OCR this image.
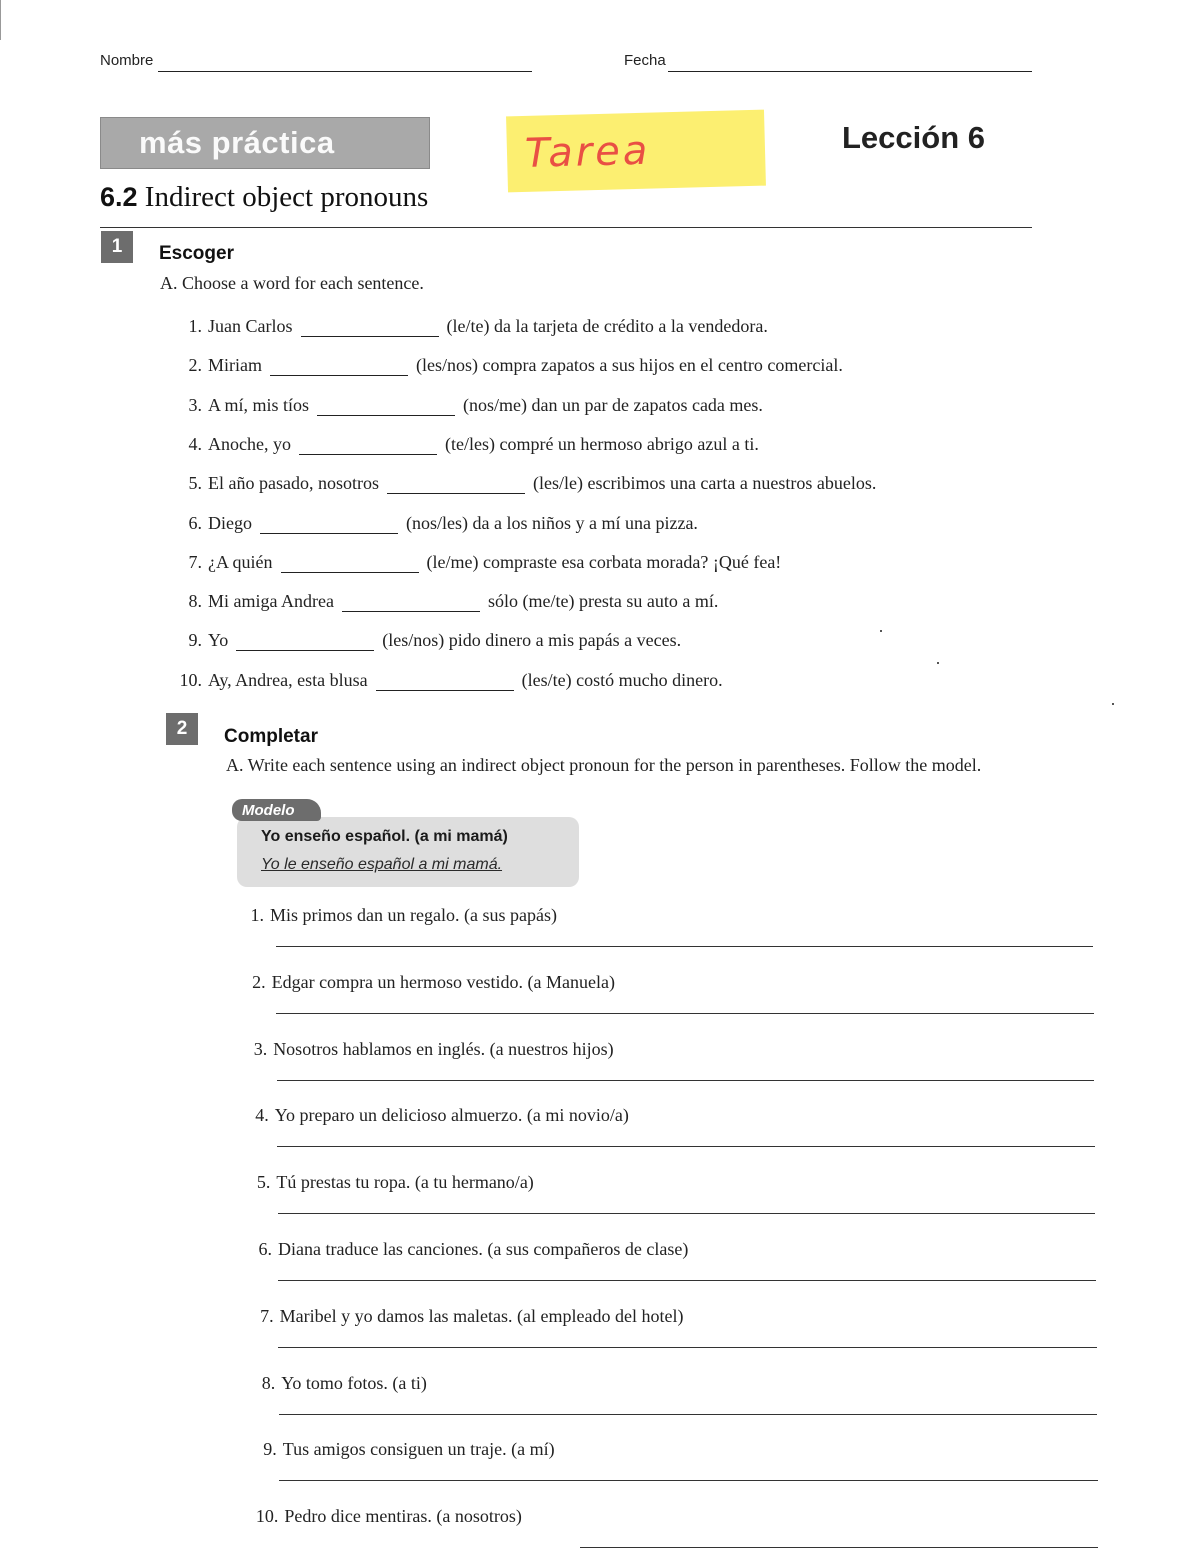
Nombre	Fecha
más práctica	Tarea	Lección 6
6.2 Indirect object pronouns
1	Escoger
A. Choose a word for each sentence.
1. Juan Carlos	(le/te) da la tarjeta de crédito a la vendedora.
2. Miriam	(les/nos) compra zapatos a sus hijos en el centro comercial.
3. A mí, mis tíos	(nos/me) dan un par de zapatos cada mes.
4. Anoche, yo	(te/les) compré un hermoso abrigo azul a ti.
5. El año pasado, nosotros	(les/le) escribimos una carta a nuestros abuelos.
6. Diego	(nos/les) da a los niños y a mí una pizza.
7. ¿A quién	(le/me) compraste esa corbata morada? ¡Qué fea!
8. Mi amiga Andrea	sólo (me/te) presta su auto a mí.
9. Yo	(les/nos) pido dinero a mis papás a veces.
10. Ay, Andrea, esta blusa	(les/te) costó mucho dinero.
2	Completar
A. Write each sentence using an indirect object pronoun for the person in parentheses. Follow the model.
Modelo
Yo enseño español. (a mi mamá)
Yo le enseño español a mi mamá.
1. Mis primos dan un regalo. (a sus papás)
2. Edgar compra un hermoso vestido. (a Manuela)
3. Nosotros hablamos en inglés. (a nuestros hijos)
4. Yo preparo un delicioso almuerzo. (a mi novio/a)
5. Tú prestas tu ropa. (a tu hermano/a)
6. Diana traduce las canciones. (a sus compañeros de clase)
7. Maribel y yo damos las maletas. (al empleado del hotel)
8. Yo tomo fotos. (a ti)
9. Tus amigos consiguen un traje. (a mí)
10. Pedro dice mentiras. (a nosotros)
